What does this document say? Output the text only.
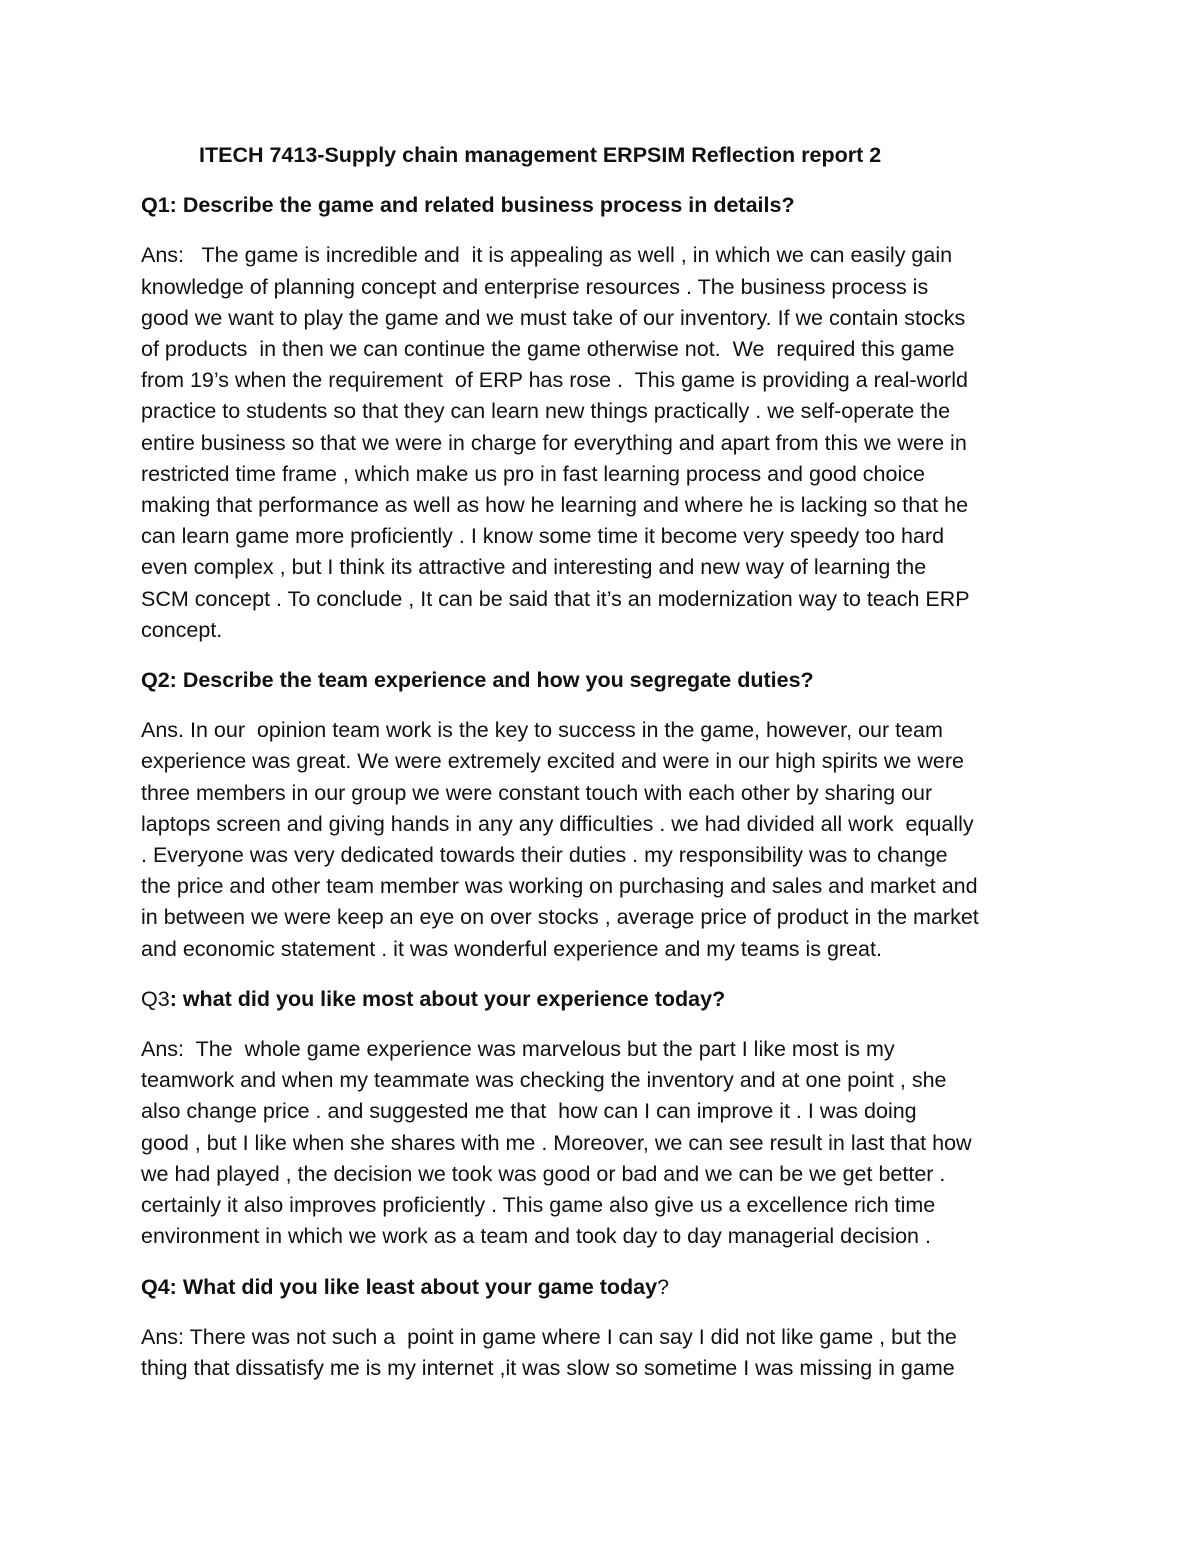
ITECH 7413-Supply chain management ERPSIM Reflection report 2
Q1: Describe the game and related business process in details?
Ans:   The game is incredible and  it is appealing as well , in which we can easily gain
knowledge of planning concept and enterprise resources . The business process is
good we want to play the game and we must take of our inventory. If we contain stocks
of products  in then we can continue the game otherwise not.  We  required this game
from 19’s when the requirement  of ERP has rose .  This game is providing a real-world
practice to students so that they can learn new things practically . we self-operate the
entire business so that we were in charge for everything and apart from this we were in
restricted time frame , which make us pro in fast learning process and good choice
making that performance as well as how he learning and where he is lacking so that he
can learn game more proficiently . I know some time it become very speedy too hard
even complex , but I think its attractive and interesting and new way of learning the
SCM concept . To conclude , It can be said that it’s an modernization way to teach ERP
concept.
Q2: Describe the team experience and how you segregate duties?
Ans. In our  opinion team work is the key to success in the game, however, our team
experience was great. We were extremely excited and were in our high spirits we were
three members in our group we were constant touch with each other by sharing our
laptops screen and giving hands in any any difficulties . we had divided all work  equally
. Everyone was very dedicated towards their duties . my responsibility was to change
the price and other team member was working on purchasing and sales and market and
in between we were keep an eye on over stocks , average price of product in the market
and economic statement . it was wonderful experience and my teams is great.
Q3: what did you like most about your experience today?
Ans:  The  whole game experience was marvelous but the part I like most is my
teamwork and when my teammate was checking the inventory and at one point , she
also change price . and suggested me that  how can I can improve it . I was doing
good , but I like when she shares with me . Moreover, we can see result in last that how
we had played , the decision we took was good or bad and we can be we get better .
certainly it also improves proficiently . This game also give us a excellence rich time
environment in which we work as a team and took day to day managerial decision .
Q4: What did you like least about your game today?
Ans: There was not such a  point in game where I can say I did not like game , but the
thing that dissatisfy me is my internet ,it was slow so sometime I was missing in game
